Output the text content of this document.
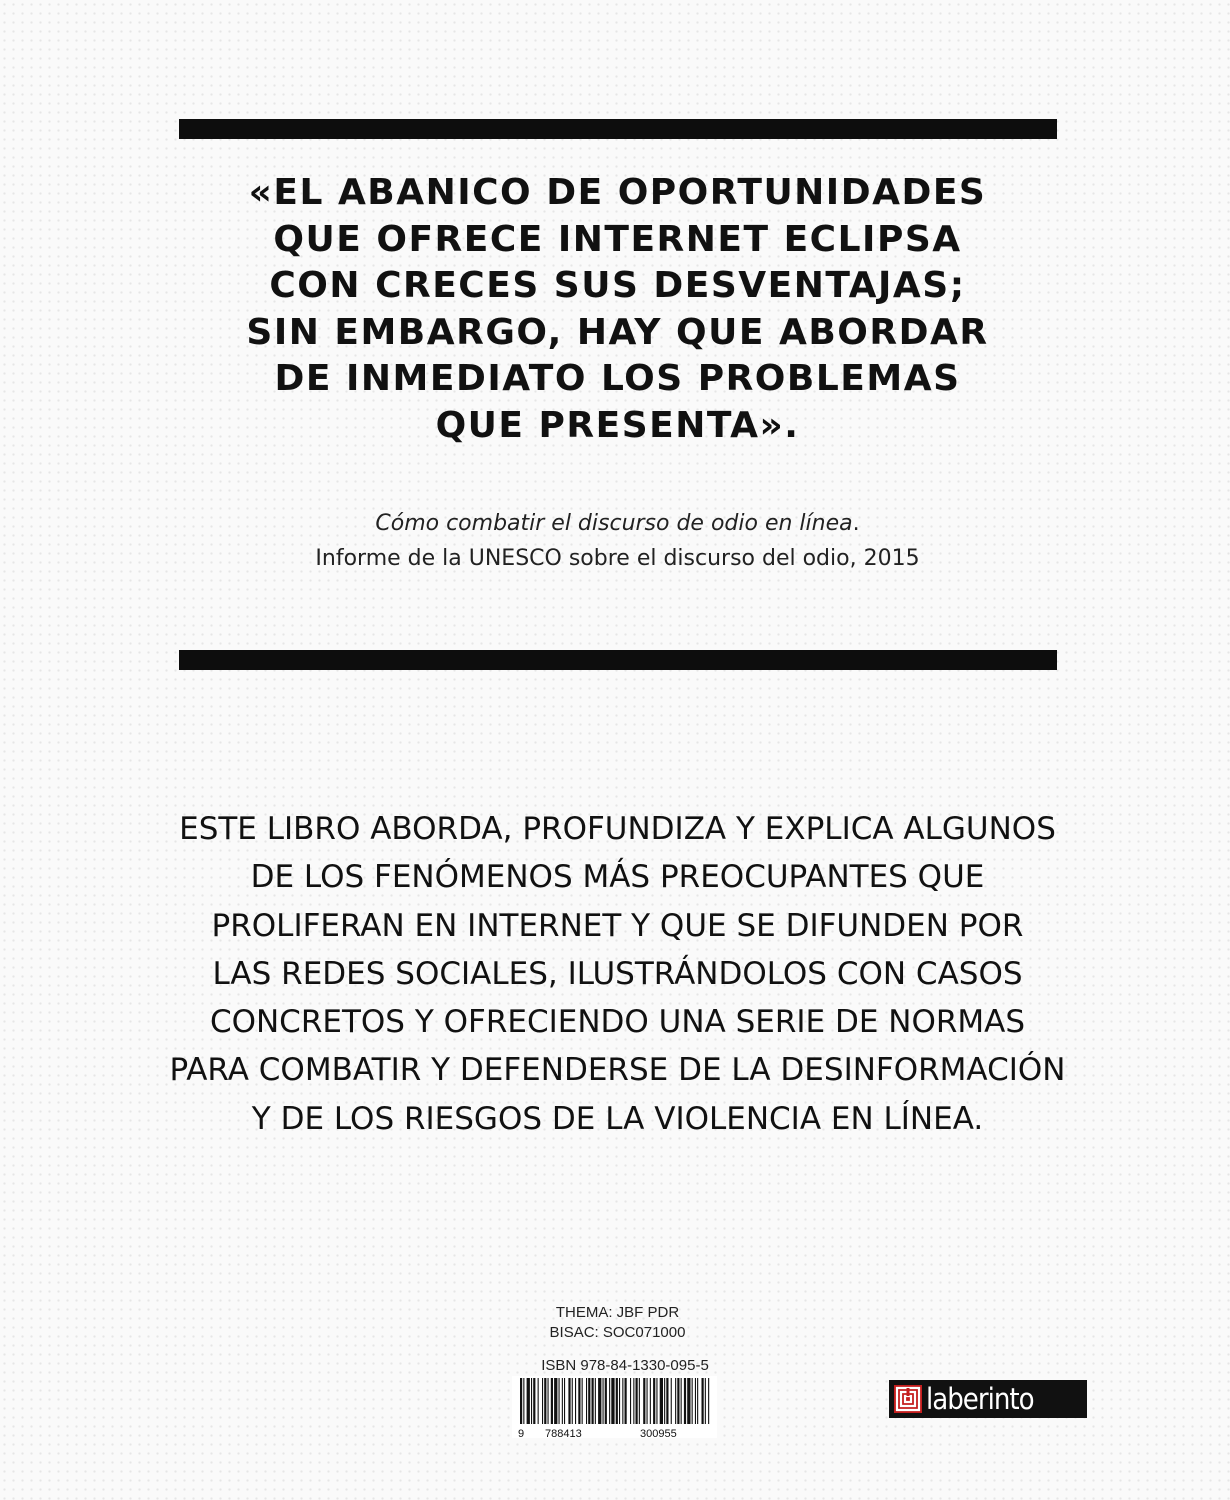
«EL ABANICO DE OPORTUNIDADES
QUE OFRECE INTERNET ECLIPSA
CON CRECES SUS DESVENTAJAS;
SIN EMBARGO, HAY QUE ABORDAR
DE INMEDIATO LOS PROBLEMAS
QUE PRESENTA».
Cómo combatir el discurso de odio en línea.
Informe de la UNESCO sobre el discurso del odio, 2015
ESTE LIBRO ABORDA, PROFUNDIZA Y EXPLICA ALGUNOS
DE LOS FENÓMENOS MÁS PREOCUPANTES QUE
PROLIFERAN EN INTERNET Y QUE SE DIFUNDEN POR
LAS REDES SOCIALES, ILUSTRÁNDOLOS CON CASOS
CONCRETOS Y OFRECIENDO UNA SERIE DE NORMAS
PARA COMBATIR Y DEFENDERSE DE LA DESINFORMACIÓN
Y DE LOS RIESGOS DE LA VIOLENCIA EN LÍNEA.
THEMA: JBF PDR
BISAC: SOC071000
ISBN 978-84-1330-095-5
9 788413	300955
laberinto
